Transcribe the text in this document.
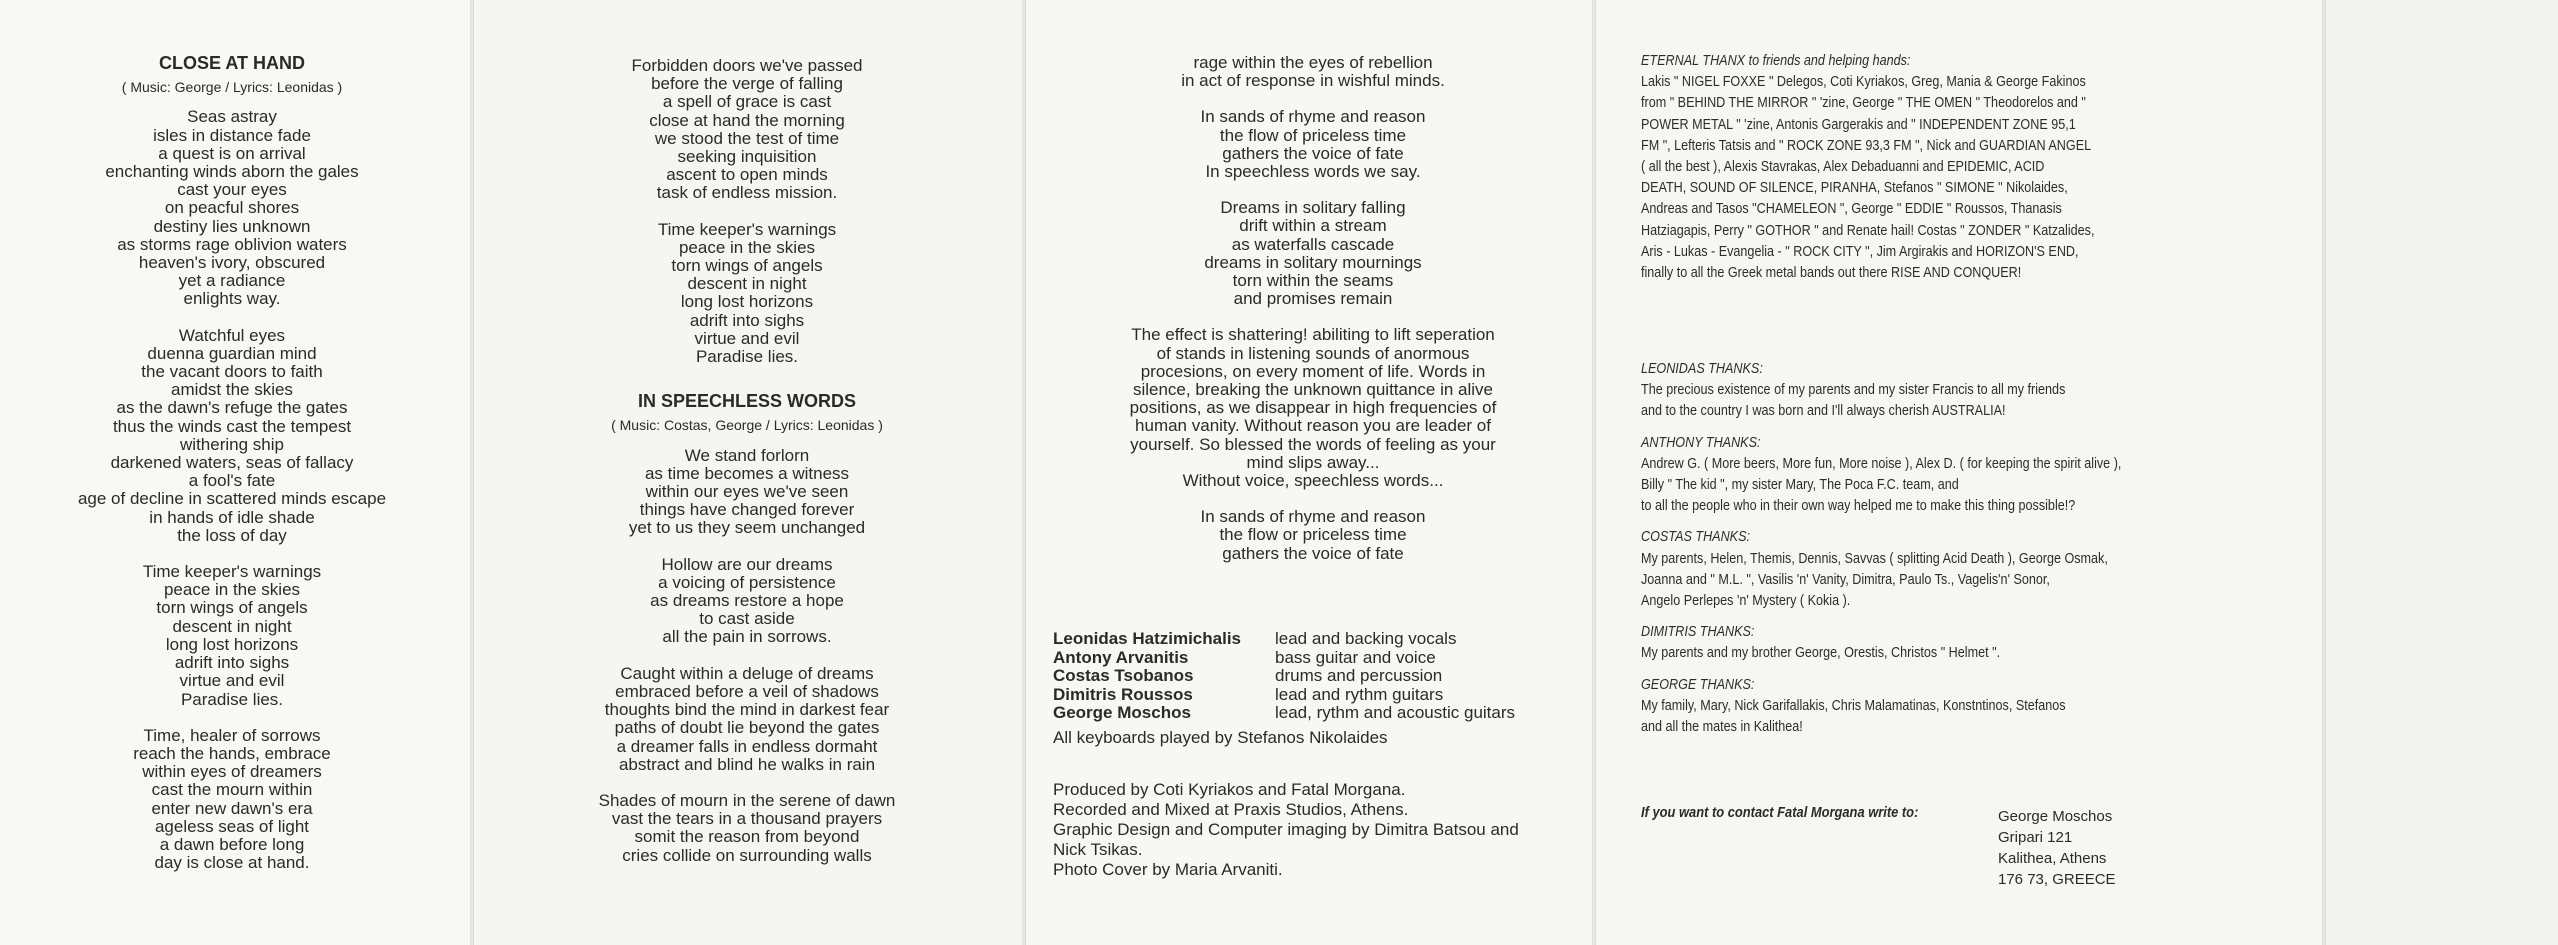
CLOSE AT HAND
( Music: George / Lyrics: Leonidas )
Seas astray
isles in distance fade
a quest is on arrival
enchanting winds aborn the gales
cast your eyes
on peacful shores
destiny lies unknown
as storms rage oblivion waters
heaven's ivory, obscured
yet a radiance
enlights way.
Watchful eyes
duenna guardian mind
the vacant doors to faith
amidst the skies
as the dawn's refuge the gates
thus the winds cast the tempest
withering ship
darkened waters, seas of fallacy
a fool's fate
age of decline in scattered minds escape
in hands of idle shade
the loss of day
Time keeper's warnings
peace in the skies
torn wings of angels
descent in night
long lost horizons
adrift into sighs
virtue and evil
Paradise lies.
Time, healer of sorrows
reach the hands, embrace
within eyes of dreamers
cast the mourn within
enter new dawn's era
ageless seas of light
a dawn before long
day is close at hand.
Forbidden doors we've passed
before the verge of falling
a spell of grace is cast
close at hand the morning
we stood the test of time
seeking inquisition
ascent to open minds
task of endless mission.
Time keeper's warnings
peace in the skies
torn wings of angels
descent in night
long lost horizons
adrift into sighs
virtue and evil
Paradise lies.
IN SPEECHLESS WORDS
( Music: Costas, George / Lyrics: Leonidas )
We stand forlorn
as time becomes a witness
within our eyes we've seen
things have changed forever
yet to us they seem unchanged
Hollow are our dreams
a voicing of persistence
as dreams restore a hope
to cast aside
all the pain in sorrows.
Caught within a deluge of dreams
embraced before a veil of shadows
thoughts bind the mind in darkest fear
paths of doubt lie beyond the gates
a dreamer falls in endless dormaht
abstract and blind he walks in rain
Shades of mourn in the serene of dawn
vast the tears in a thousand prayers
somit the reason from beyond
cries collide on surrounding walls
rage within the eyes of rebellion
in act of response in wishful minds.
In sands of rhyme and reason
the flow of priceless time
gathers the voice of fate
In speechless words we say.
Dreams in solitary falling
drift within a stream
as waterfalls cascade
dreams in solitary mournings
torn within the seams
and promises remain
The effect is shattering! abiliting to lift seperation
of stands in listening sounds of anormous
procesions, on every moment of life. Words in
silence, breaking the unknown quittance in alive
positions, as we disappear in high frequencies of
human vanity. Without reason you are leader of
yourself. So blessed the words of feeling as your
mind slips away...
Without voice, speechless words...
In sands of rhyme and reason
the flow or priceless time
gathers the voice of fate
Leonidas Hatzimichalis	lead and backing vocals
Antony Arvanitis	bass guitar and voice
Costas Tsobanos	drums and percussion
Dimitris Roussos	lead and rythm guitars
George Moschos	lead, rythm and acoustic guitars
All keyboards played by Stefanos Nikolaides
Produced by Coti Kyriakos and Fatal Morgana.
Recorded and Mixed at Praxis Studios, Athens.
Graphic Design and Computer imaging by Dimitra Batsou and
Nick Tsikas.
Photo Cover by Maria Arvaniti.
ETERNAL THANX to friends and helping hands:
Lakis " NIGEL FOXXE " Delegos, Coti Kyriakos, Greg, Mania & George Fakinos
from " BEHIND THE MIRROR " 'zine, George " THE OMEN " Theodorelos and "
POWER METAL " 'zine, Antonis Gargerakis and " INDEPENDENT ZONE 95,1
FM ", Lefteris Tatsis and " ROCK ZONE 93,3 FM ", Nick and GUARDIAN ANGEL
( all the best ), Alexis Stavrakas, Alex Debaduanni and EPIDEMIC, ACID
DEATH, SOUND OF SILENCE, PIRANHA, Stefanos " SIMONE " Nikolaides,
Andreas and Tasos "CHAMELEON ", George " EDDIE " Roussos, Thanasis
Hatziagapis, Perry " GOTHOR " and Renate hail! Costas " ZONDER " Katzalides,
Aris - Lukas - Evangelia - " ROCK CITY ", Jim Argirakis and HORIZON'S END,
finally to all the Greek metal bands out there RISE AND CONQUER!
LEONIDAS THANKS:
The precious existence of my parents and my sister Francis to all my friends
and to the country I was born and I'll always cherish AUSTRALIA!
ANTHONY THANKS:
Andrew G. ( More beers, More fun, More noise ), Alex D. ( for keeping the spirit alive ),
Billy " The kid ", my sister Mary, The Poca F.C. team, and
to all the people who in their own way helped me to make this thing possible!?
COSTAS THANKS:
My parents, Helen, Themis, Dennis, Savvas ( splitting Acid Death ), George Osmak,
Joanna and " M.L. ", Vasilis 'n' Vanity, Dimitra, Paulo Ts., Vagelis'n' Sonor,
Angelo Perlepes 'n' Mystery ( Kokia ).
DIMITRIS THANKS:
My parents and my brother George, Orestis, Christos " Helmet ".
GEORGE THANKS:
My family, Mary, Nick Garifallakis, Chris Malamatinas, Konstntinos, Stefanos
and all the mates in Kalithea!
If you want to contact Fatal Morgana write to:	George Moschos
Gripari 121
Kalithea, Athens
176 73, GREECE
